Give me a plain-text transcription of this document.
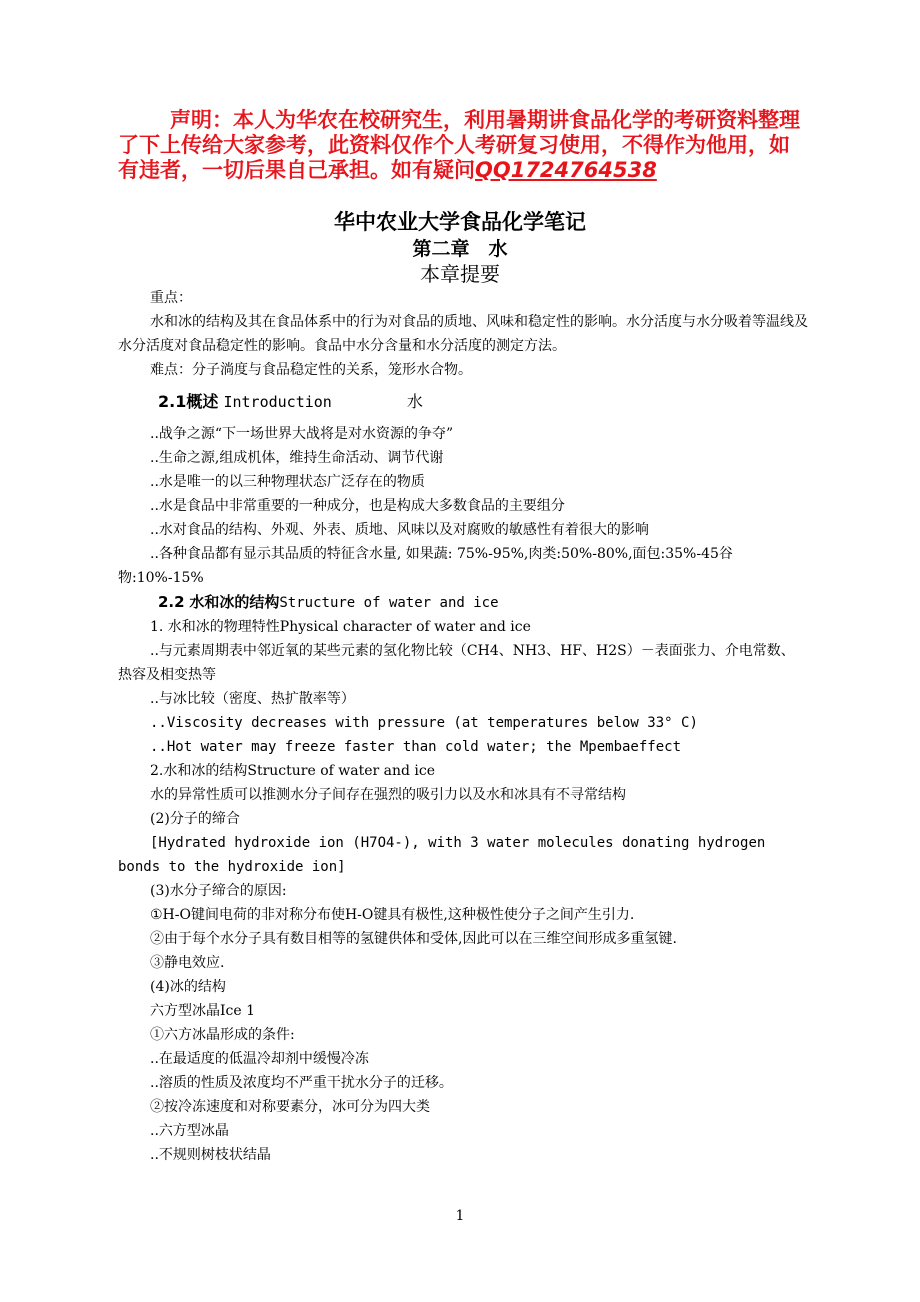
声明：本人为华农在校研究生，利用暑期讲食品化学的考研资料整理了下上传给大家参考，此资料仅作个人考研复习使用，不得作为他用，如有违者，一切后果自己承担。如有疑问QQ1724764538
华中农业大学食品化学笔记
第二章　水
本章提要
重点：
水和冰的结构及其在食品体系中的行为对食品的质地、风味和稳定性的影响。水分活度与水分吸着等温线及水分活度对食品稳定性的影响。食品中水分含量和水分活度的测定方法。
难点：分子淌度与食品稳定性的关系，笼形水合物。
2.1概述 Introduction	水
..战争之源“下一场世界大战将是对水资源的争夺”
..生命之源,组成机体，维持生命活动、调节代谢
..水是唯一的以三种物理状态广泛存在的物质
..水是食品中非常重要的一种成分，也是构成大多数食品的主要组分
..水对食品的结构、外观、外表、质地、风味以及对腐败的敏感性有着很大的影响
..各种食品都有显示其品质的特征含水量, 如果蔬: 75%-95%,肉类:50%-80%,面包:35%-45谷物:10%-15%
2.2 水和冰的结构Structure of water and ice
1. 水和冰的物理特性Physical character of water and ice
..与元素周期表中邻近氧的某些元素的氢化物比较（CH4、NH3、HF、H2S）－表面张力、介电常数、热容及相变热等
..与冰比较（密度、热扩散率等）
..Viscosity decreases with pressure (at temperatures below 33° C)
..Hot water may freeze faster than cold water; the Mpembaeffect
2.水和冰的结构Structure of water and ice
水的异常性质可以推测水分子间存在强烈的吸引力以及水和冰具有不寻常结构
(2)分子的缔合
[Hydrated hydroxide ion (H7O4-), with 3 water molecules donating hydrogen bonds to the hydroxide ion]
(3)水分子缔合的原因:
①H-O键间电荷的非对称分布使H-O键具有极性,这种极性使分子之间产生引力.
②由于每个水分子具有数目相等的氢键供体和受体,因此可以在三维空间形成多重氢键.
③静电效应.
(4)冰的结构
六方型冰晶Ice 1
①六方冰晶形成的条件:
..在最适度的低温冷却剂中缓慢冷冻
..溶质的性质及浓度均不严重干扰水分子的迁移。
②按冷冻速度和对称要素分，冰可分为四大类
..六方型冰晶
..不规则树枝状结晶
1
